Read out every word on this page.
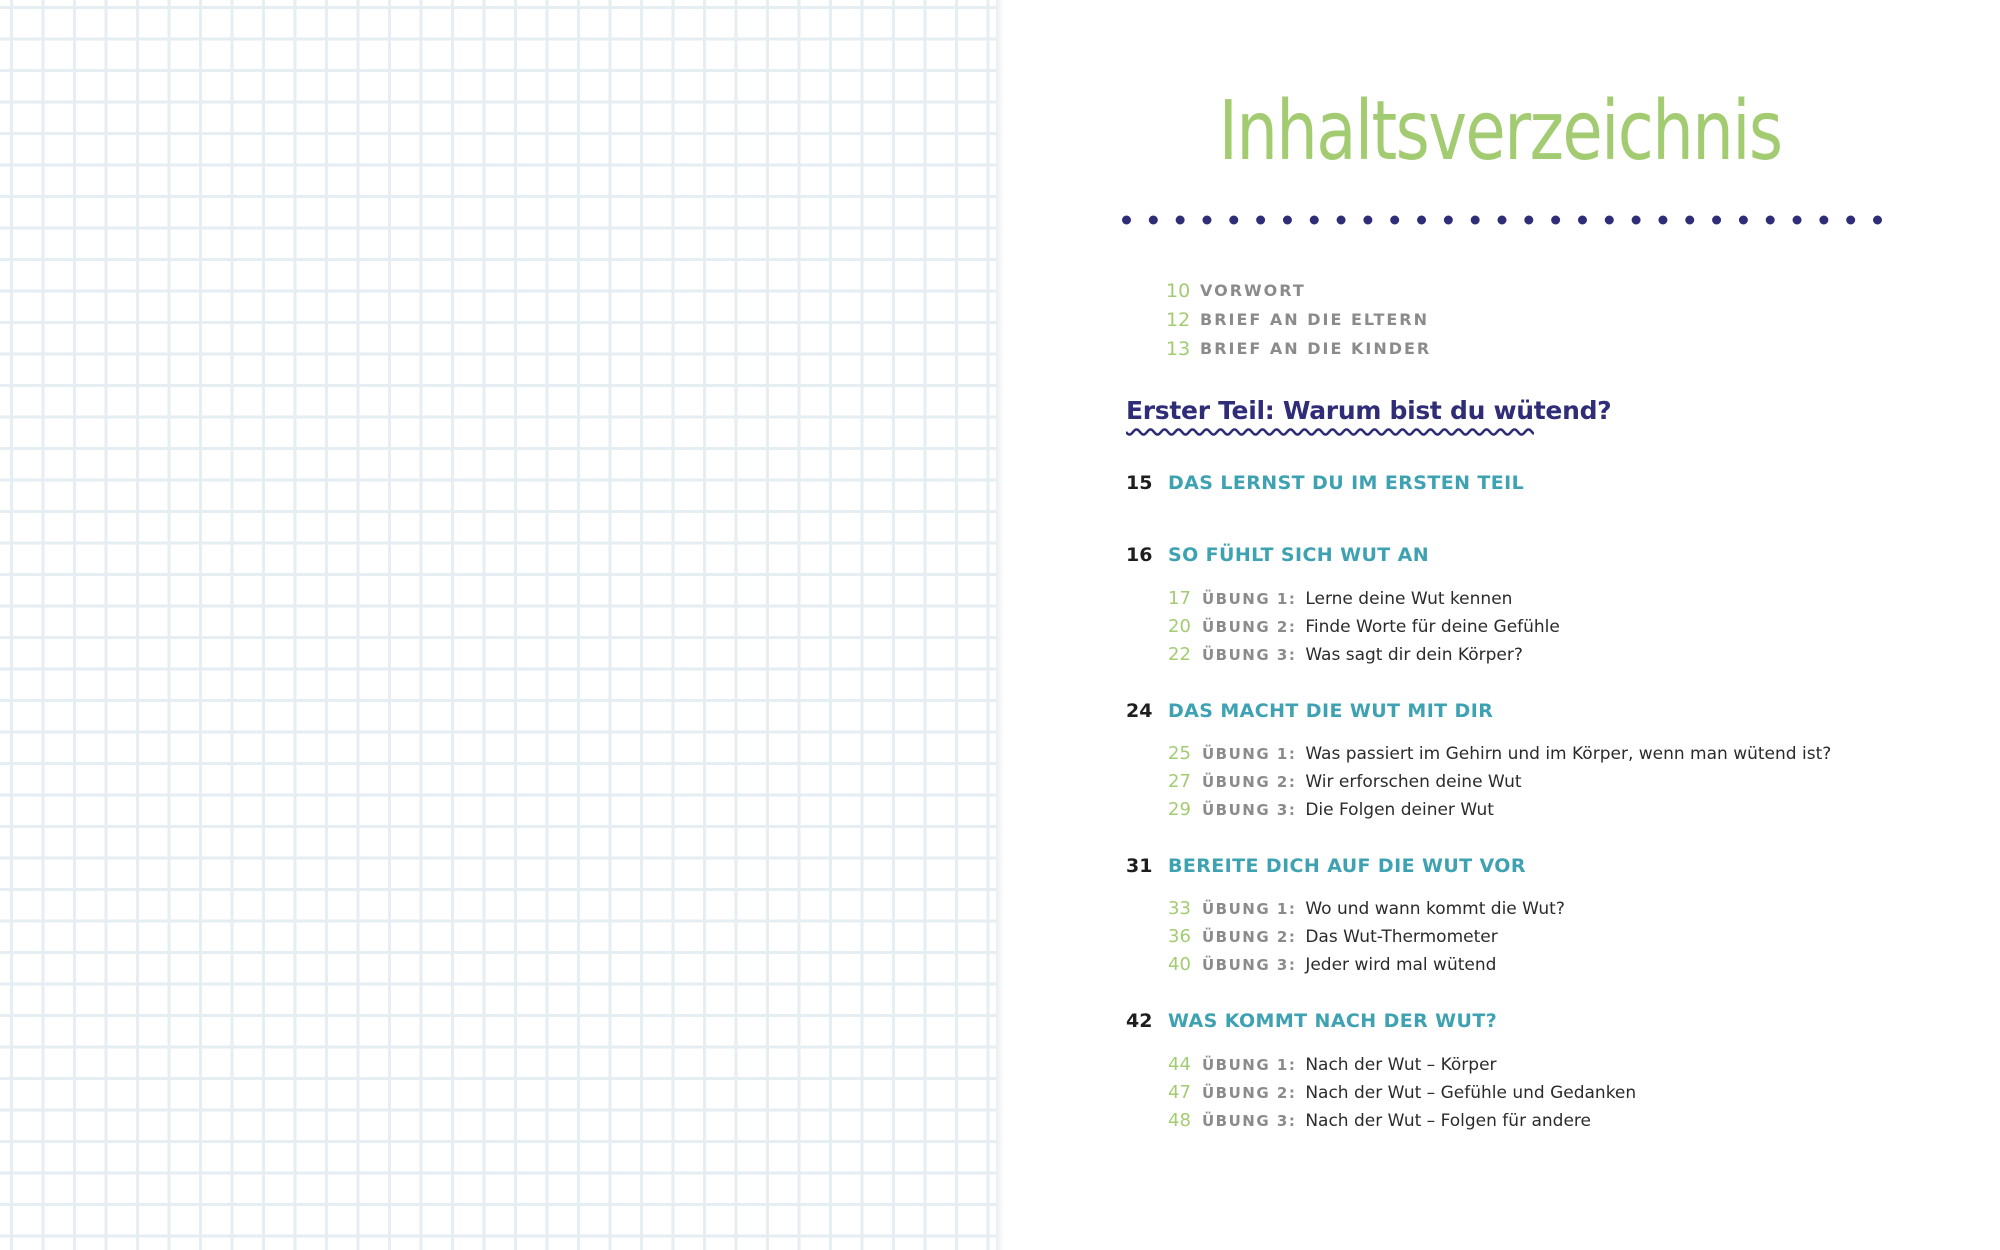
Inhaltsverzeichnis
10 VORWORT
12 BRIEF AN DIE ELTERN
13 BRIEF AN DIE KINDER
Erster Teil: Warum bist du wütend?
15 DAS LERNST DU IM ERSTEN TEIL
16 SO FÜHLT SICH WUT AN
17 ÜBUNG 1: Lerne deine Wut kennen
20 ÜBUNG 2: Finde Worte für deine Gefühle
22 ÜBUNG 3: Was sagt dir dein Körper?
24 DAS MACHT DIE WUT MIT DIR
25 ÜBUNG 1: Was passiert im Gehirn und im Körper, wenn man wütend ist?
27 ÜBUNG 2: Wir erforschen deine Wut
29 ÜBUNG 3: Die Folgen deiner Wut
31 BEREITE DICH AUF DIE WUT VOR
33 ÜBUNG 1: Wo und wann kommt die Wut?
36 ÜBUNG 2: Das Wut-Thermometer
40 ÜBUNG 3: Jeder wird mal wütend
42 WAS KOMMT NACH DER WUT?
44 ÜBUNG 1: Nach der Wut – Körper
47 ÜBUNG 2: Nach der Wut – Gefühle und Gedanken
48 ÜBUNG 3: Nach der Wut – Folgen für andere
